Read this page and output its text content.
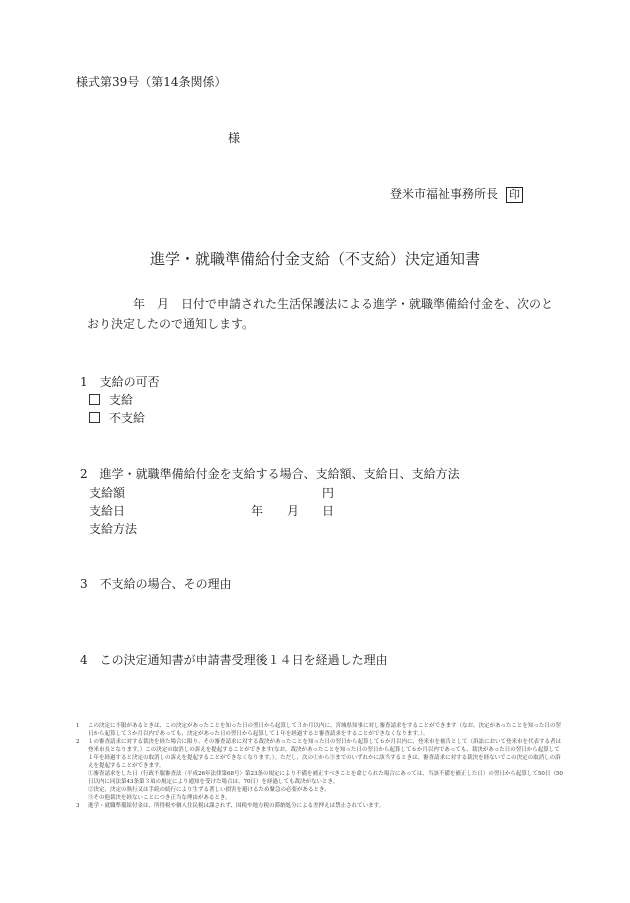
様式第39号（第14条関係）
様
登米市福祉事務所長 印
進学・就職準備給付金支給（不支給）決定通知書
年　月　日付で申請された生活保護法による進学・就職準備給付金を、次のと
おり決定したので通知します。
1　支給の可否
支給
不支給
2　進学・就職準備給付金を支給する場合、支給額、支給日、支給方法
支給額	円
支給日	年 月 日
支給方法
3　不支給の場合、その理由
4　この決定通知書が申請書受理後１４日を経過した理由
1	この決定に不服があるときは、この決定があったことを知った日の翌日から起算して３か月以内に、宮城県知事に対し審査請求をすることができます（なお、決定があったことを知った日の翌日から起算して３か月以内であっても、決定があった日の翌日から起算して１年を経過すると審査請求をすることができなくなります。）。
2	１の審査請求に対する裁決を経た場合に限り、その審査請求に対する裁決があったことを知った日の翌日から起算して６か月以内に、登米市を被告として（訴訟において登米市を代表する者は登米市長となります。）この決定の取消しの訴えを提起することができます(なお、裁決があったことを知った日の翌日から起算して６か月以内であっても、裁決があった日の翌日から起算して１年を経過すると決定の取消しの訴えを提起することができなくなります。）。ただし、次の①から③までのいずれかに該当するときは、審査請求に対する裁決を経ないでこの決定の取消しの訴えを提起することができます。
①審査請求をした日（行政不服審査法（平成26年法律第68号）第23条の規定により不備を補正すべきことを命じられた場合にあっては、当該不備を補正した日）の翌日から起算して50日（50日以内に同法第43条第３項の規定により通知を受けた場合は、70日）を経過しても裁決がないとき。
②決定、決定の執行又は手続の続行により生ずる著しい損害を避けるため緊急の必要があるとき。
③その他裁決を経ないことにつき正当な理由があるとき。
3	進学・就職準備給付金は、所得税や個人住民税は課されず、国税や地方税の滞納処分による差押えは禁止されています。
